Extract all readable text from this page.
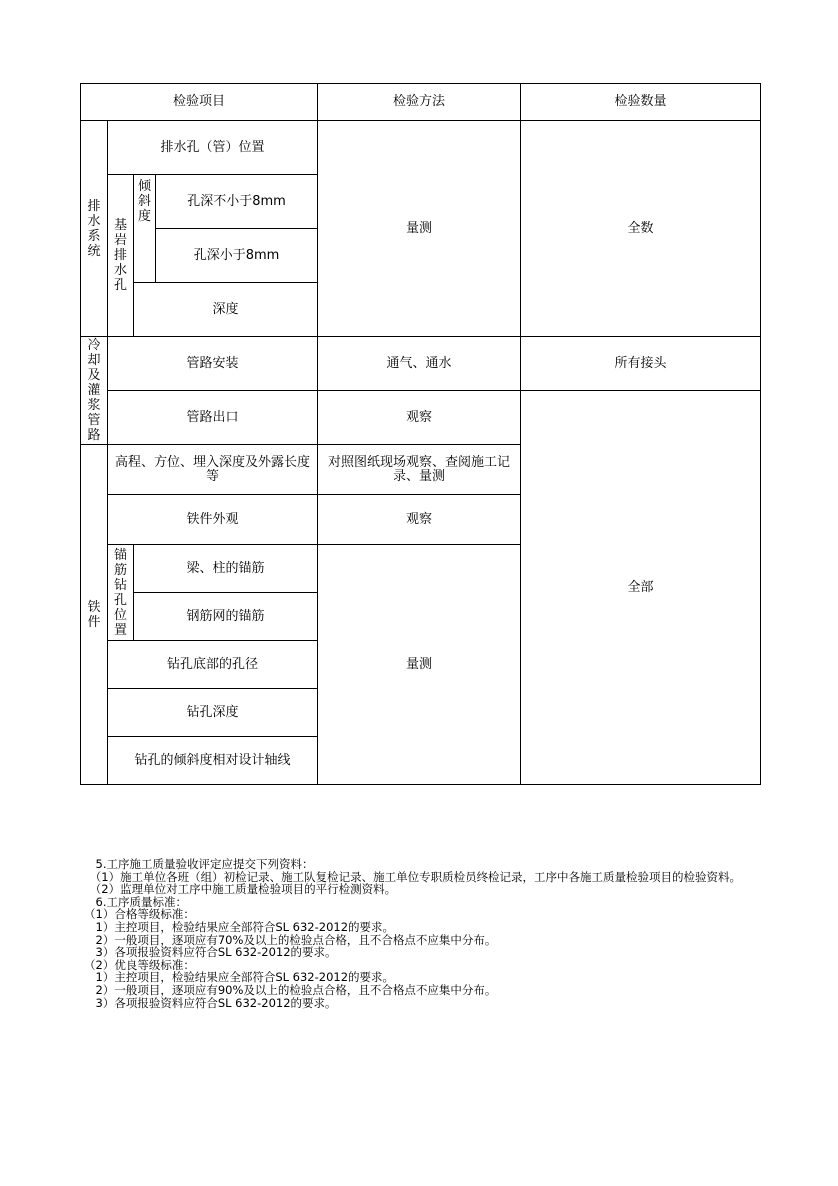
检验项目				检验方法	检验数量
排水系统	排水孔（管）位置			量测	全数
	基岩排水孔	倾斜度	孔深不小于8mm		
			孔深小于8mm		
		深度			

冷却及灌浆管路	管路安装			通气、通水	所有接头
	管路出口			观察	全部
铁件	高程、方位、埋入深度及外露长度等			对照图纸现场观察、查阅施工记录、量测	
	铁件外观			观察	
	锚筋钻孔位置	梁、柱的锚筋		量测	
		钢筋网的锚筋			
	钻孔底部的孔径				
	钻孔深度				
	钻孔的倾斜度相对设计轴线				
　5.工序施工质量验收评定应提交下列资料：
　（1）施工单位各班（组）初检记录、施工队复检记录、施工单位专职质检员终检记录，工序中各施工质量检验项目的检验资料。
　（2）监理单位对工序中施工质量检验项目的平行检测资料。
　6.工序质量标准：
（1）合格等级标准：
　1）主控项目，检验结果应全部符合SL 632-2012的要求。
　2）一般项目，逐项应有70%及以上的检验点合格，且不合格点不应集中分布。
　3）各项报验资料应符合SL 632-2012的要求。
（2）优良等级标准：
　1）主控项目，检验结果应全部符合SL 632-2012的要求。
　2）一般项目，逐项应有90%及以上的检验点合格，且不合格点不应集中分布。
　3）各项报验资料应符合SL 632-2012的要求。
